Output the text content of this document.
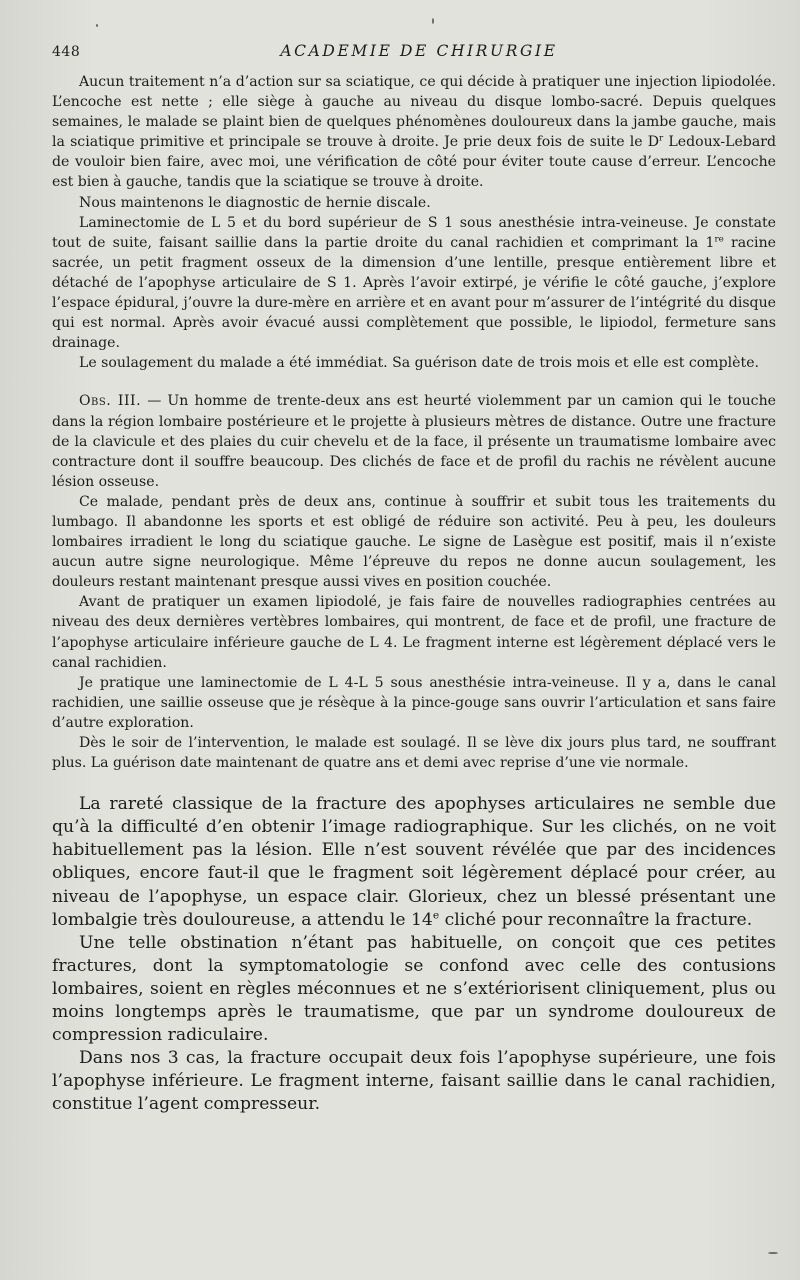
448	ACADEMIE DE CHIRURGIE

Aucun traitement n’a d’action sur sa sciatique, ce qui décide à pratiquer une injection lipiodolée. L’encoche est nette ; elle siège à gauche au niveau du disque lombo-sacré. Depuis quelques semaines, le malade se plaint bien de quelques phénomènes douloureux dans la jambe gauche, mais la sciatique primitive et principale se trouve à droite. Je prie deux fois de suite le $D^r$ Ledoux-Lebard de vouloir bien faire, avec moi, une vérification de côté pour éviter toute cause d’erreur. L’encoche est bien à gauche, tandis que la sciatique se trouve à droite.

Nous maintenons le diagnostic de hernie discale.

Laminectomie de L 5 et du bord supérieur de S 1 sous anesthésie intra-veineuse. Je constate tout de suite, faisant saillie dans la partie droite du canal rachidien et comprimant la 1re racine sacrée, un petit fragment osseux de la dimension d’une lentille, presque entièrement libre et détaché de l’apophyse articulaire de S 1. Après l’avoir extirpé, je vérifie le côté gauche, j’explore l’espace épidural, j’ouvre la dure-mère en arrière et en avant pour m’assurer de l’intégrité du disque qui est normal. Après avoir évacué aussi complètement que possible, le lipiodol, fermeture sans drainage.

Le soulagement du malade a été immédiat. Sa guérison date de trois mois et elle est complète.

Obs. III. — Un homme de trente-deux ans est heurté violemment par un camion qui le touche dans la région lombaire postérieure et le projette à plusieurs mètres de distance. Outre une fracture de la clavicule et des plaies du cuir chevelu et de la face, il présente un traumatisme lombaire avec contracture dont il souffre beaucoup. Des clichés de face et de profil du rachis ne révèlent aucune lésion osseuse.

Ce malade, pendant près de deux ans, continue à souffrir et subit tous les traitements du lumbago. Il abandonne les sports et est obligé de réduire son activité. Peu à peu, les douleurs lombaires irradient le long du sciatique gauche. Le signe de Lasègue est positif, mais il n’existe aucun autre signe neurologique. Même l’épreuve du repos ne donne aucun soulagement, les douleurs restant maintenant presque aussi vives en position couchée.

Avant de pratiquer un examen lipiodolé, je fais faire de nouvelles radiographies centrées au niveau des deux dernières vertèbres lombaires, qui montrent, de face et de profil, une fracture de l’apophyse articulaire inférieure gauche de L 4. Le fragment interne est légèrement déplacé vers le canal rachidien.

Je pratique une laminectomie de L 4-L 5 sous anesthésie intra-veineuse. Il y a, dans le canal rachidien, une saillie osseuse que je résèque à la pince-gouge sans ouvrir l’articulation et sans faire d’autre exploration.

Dès le soir de l’intervention, le malade est soulagé. Il se lève dix jours plus tard, ne souffrant plus. La guérison date maintenant de quatre ans et demi avec reprise d’une vie normale.

La rareté classique de la fracture des apophyses articulaires ne semble due qu’à la difficulté d’en obtenir l’image radiographique. Sur les clichés, on ne voit habituellement pas la lésion. Elle n’est souvent révélée que par des incidences obliques, encore faut-il que le fragment soit légèrement déplacé pour créer, au niveau de l’apophyse, un espace clair. Glorieux, chez un blessé présentant une lombalgie très douloureuse, a attendu le 14e cliché pour reconnaître la fracture.

Une telle obstination n’étant pas habituelle, on conçoit que ces petites fractures, dont la symptomatologie se confond avec celle des contusions lombaires, soient en règles méconnues et ne s’extériorisent cliniquement, plus ou moins longtemps après le traumatisme, que par un syndrome douloureux de compression radiculaire.

Dans nos 3 cas, la fracture occupait deux fois l’apophyse supérieure, une fois l’apophyse inférieure. Le fragment interne, faisant saillie dans le canal rachidien, constitue l’agent compresseur.
